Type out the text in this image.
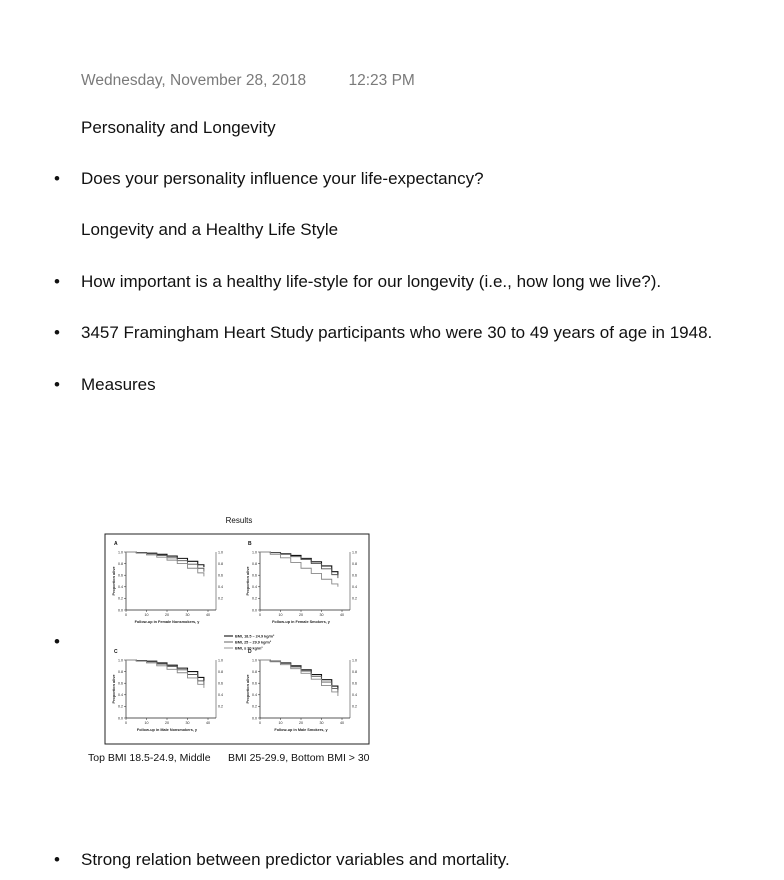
Wednesday, November 28, 2018	12:23 PM
Personality and Longevity
• Does your personality influence your life-expectancy?
Longevity and a Healthy Life Style
• How important is a healthy life-style for our longevity (i.e., how long we live?).
• 3457 Framingham Heart Study participants who were 30 to 49 years of age in 1948.
• Measures
•
Results
A
0.0
0.2	0.2
0.4	0.4
0.6	0.6
0.8	0.8
1.0	1.0
0	10	20	30	40
Follow-up in Female Nonsmokers, y
Proportion alive
B
0.0
0.2	0.2
0.4	0.4
0.6	0.6
0.8	0.8
1.0	1.0
0	10	20	30	40
Follow-up in Female Smokers, y
Proportion alive
C
0.0
0.2	0.2
0.4	0.4
0.6	0.6
0.8	0.8
1.0	1.0
0	10	20	30	40
Follow-up in Male Nonsmokers, y
Proportion alive
D
0.0
0.2	0.2
0.4	0.4
0.6	0.6
0.8	0.8
1.0	1.0
0	10	20	30	40
Follow-up in Male Smokers, y
Proportion alive
BMI, 18.5 – 24.9 kg/m²
BMI, 25 – 29.9 kg/m²
BMI, ≥ 30 kg/m²
Top BMI 18.5-24.9, Middle BMI 25-29.9, Bottom BMI > 30
• Strong relation between predictor variables and mortality.
